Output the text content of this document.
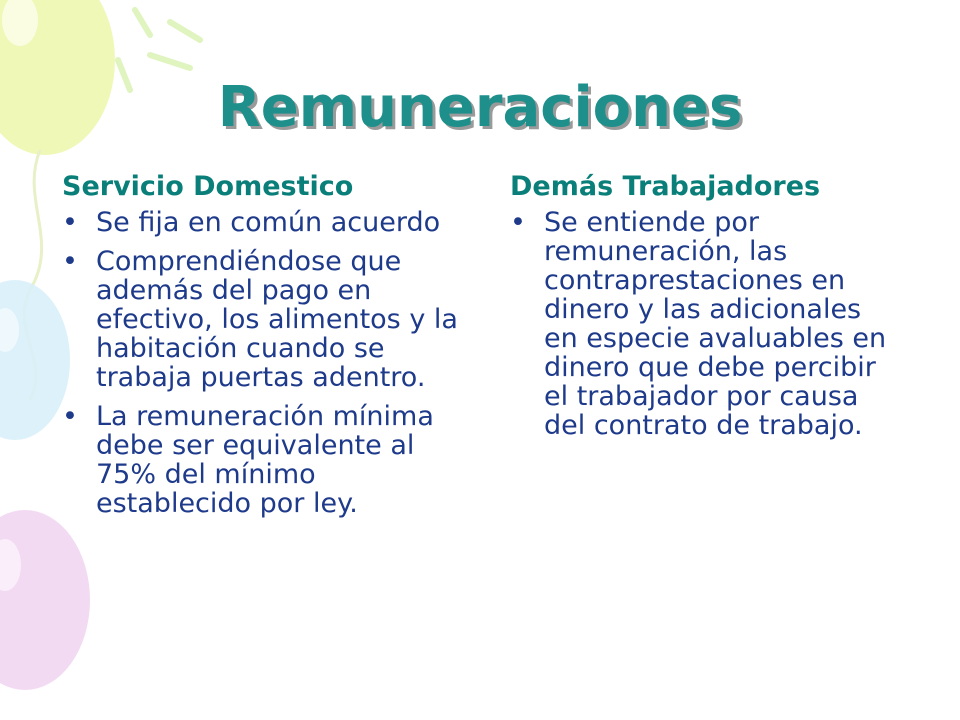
Remuneraciones
Servicio Domestico
• Se fija en común acuerdo
• Comprendiéndose que además del pago en efectivo, los alimentos y la habitación cuando se trabaja puertas adentro.
• La remuneración mínima debe ser equivalente al 75% del mínimo establecido por ley.
Demás Trabajadores
• Se entiende por remuneración, las contraprestaciones en dinero y las adicionales en especie avaluables en dinero que debe percibir el trabajador por causa del contrato de trabajo.
